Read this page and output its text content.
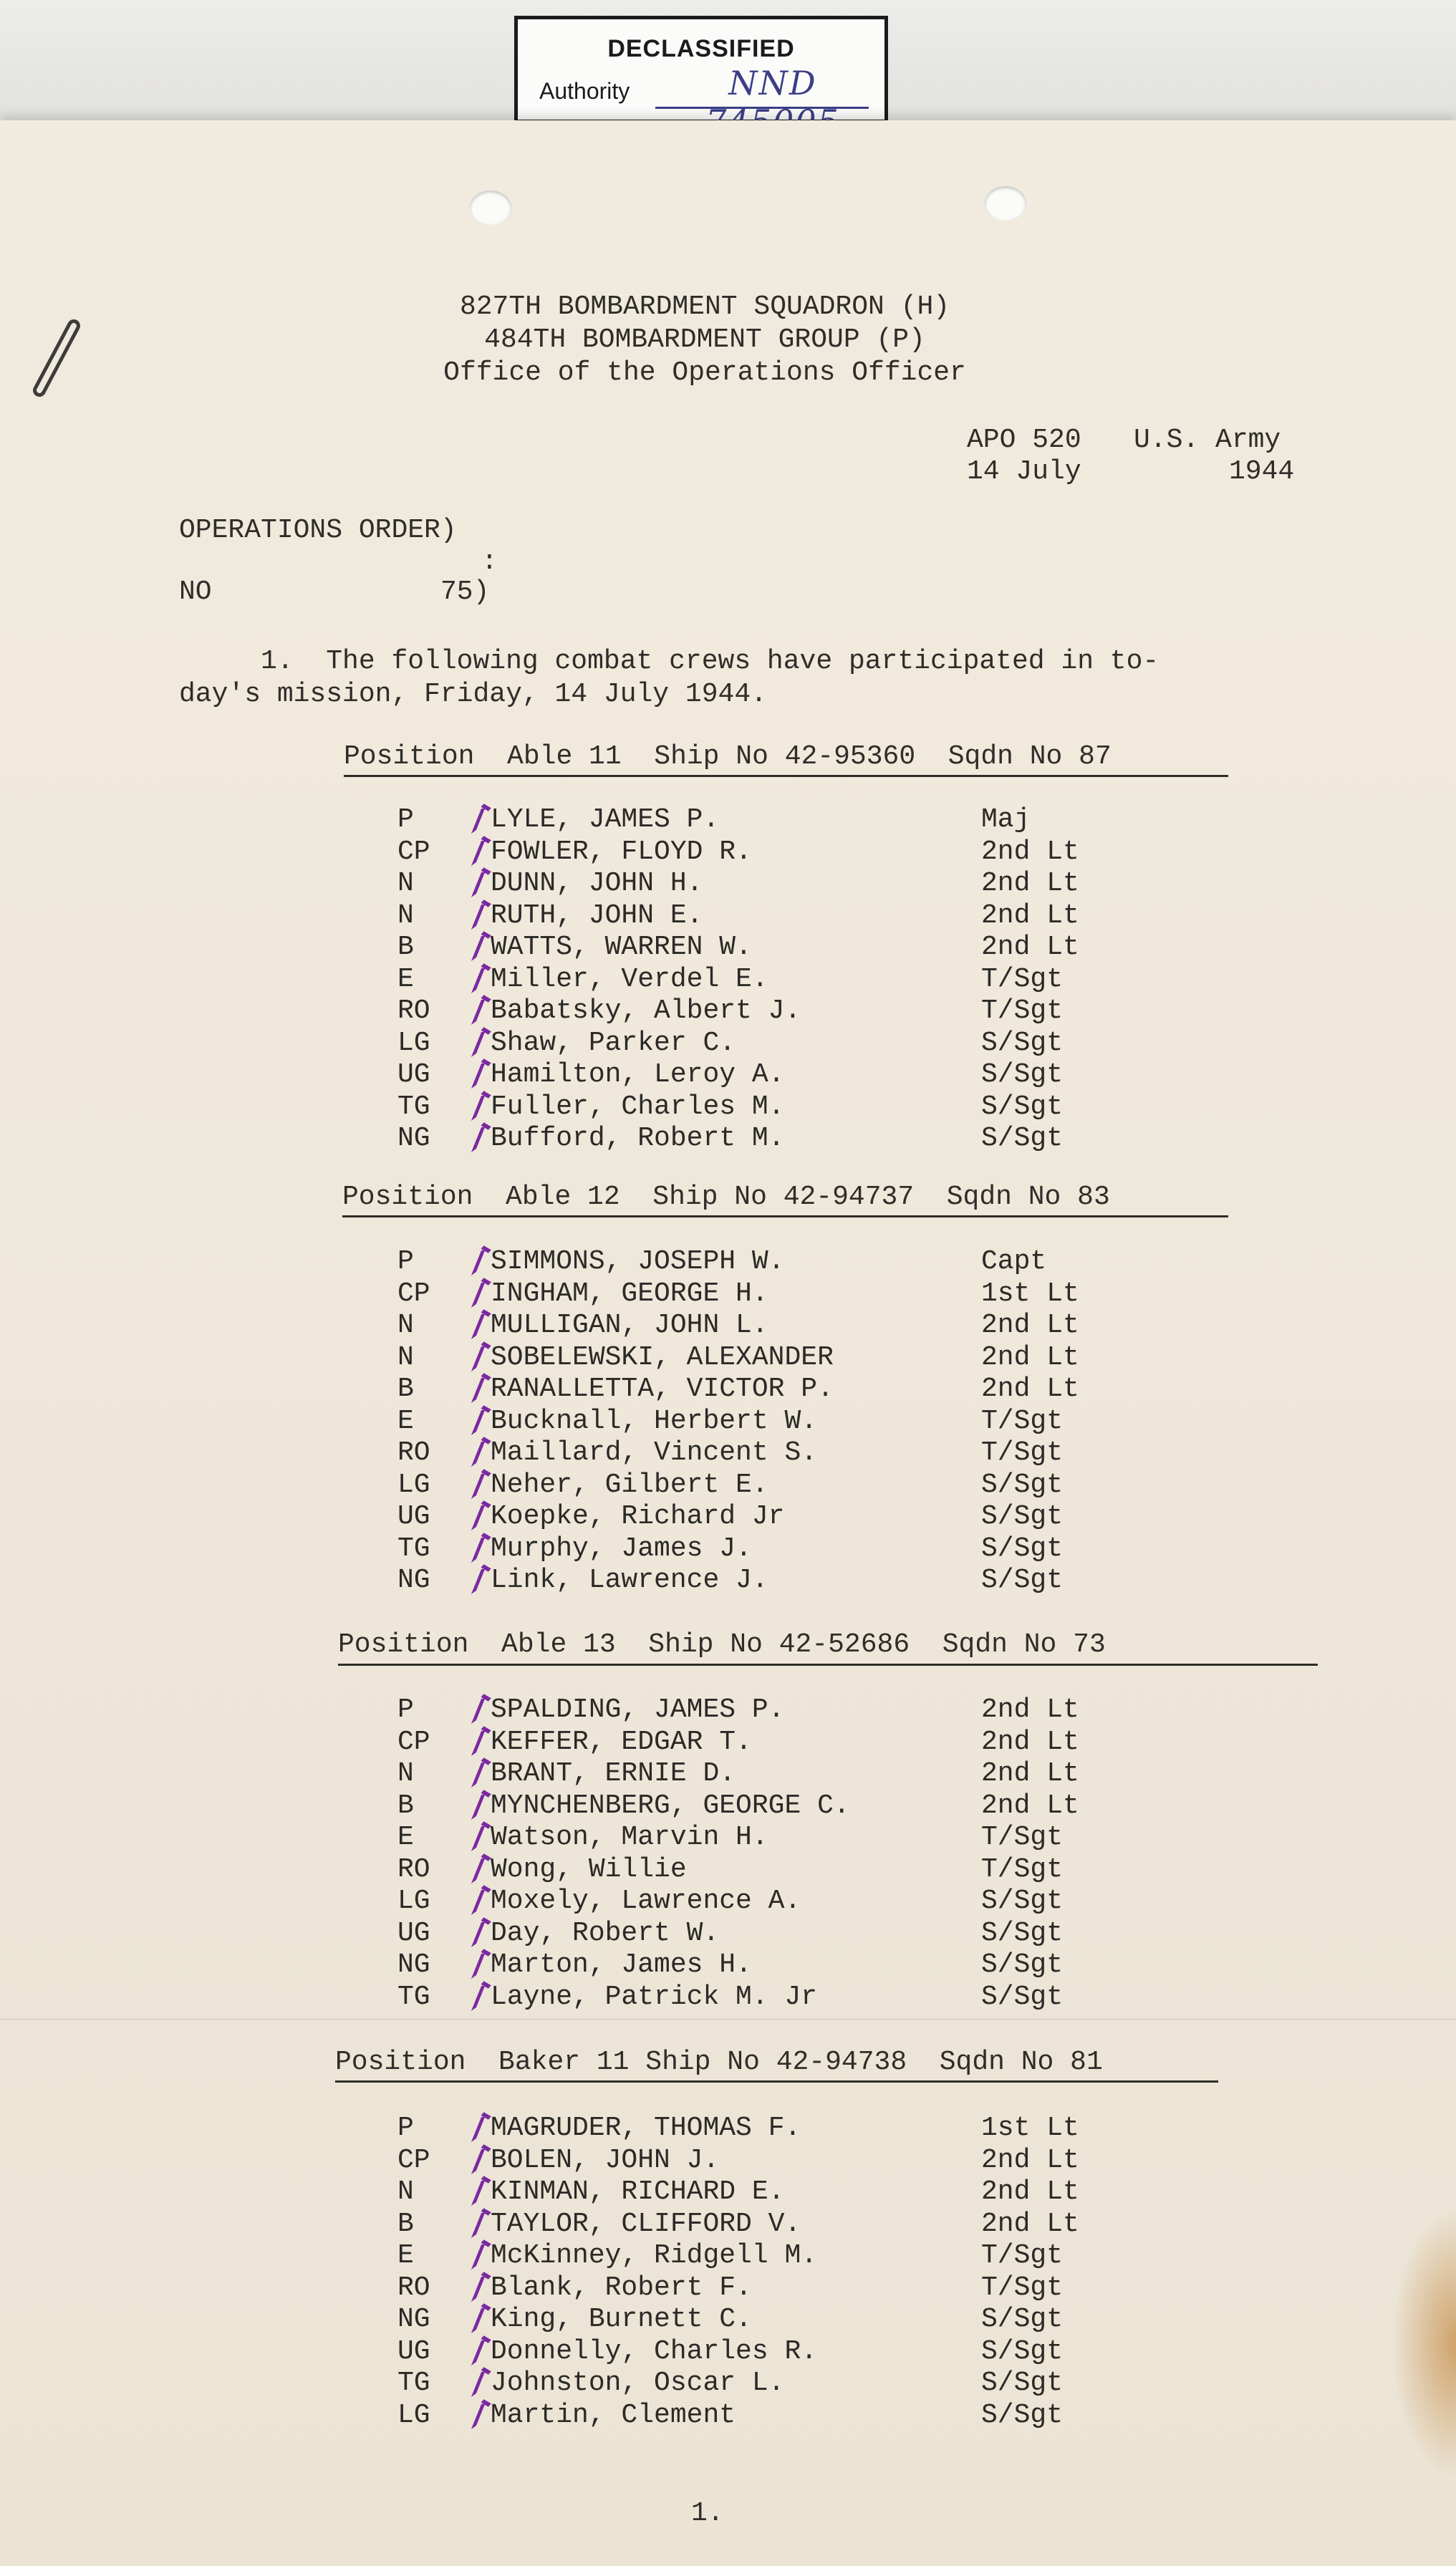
DECLASSIFIED
Authority	NND
827TH BOMBARDMENT SQUADRON (H)
484TH BOMBARDMENT GROUP (P)
Office of the Operations Officer
APO 520 U.S. Army
14 July	1944
OPERATIONS ORDER)
:
NO	75)
1.  The following combat crews have participated in to-
day's mission, Friday, 14 July 1944.
Position  Able 11  Ship No 42-95360  Sqdn No 87
P	LYLE, JAMES P.	Maj
CP FOWLER, FLOYD R.	2nd Lt
N	DUNN, JOHN H.	2nd Lt
N	RUTH, JOHN E.	2nd Lt
B	WATTS, WARREN W.	2nd Lt
E	Miller, Verdel E.	T/Sgt
RO Babatsky, Albert J.	T/Sgt
LG Shaw, Parker C.	S/Sgt
UG Hamilton, Leroy A.	S/Sgt
TG Fuller, Charles M.	S/Sgt
NG Bufford, Robert M.	S/Sgt
Position  Able 12  Ship No 42-94737  Sqdn No 83
P	SIMMONS, JOSEPH W.	Capt
CP INGHAM, GEORGE H.	1st Lt
N	MULLIGAN, JOHN L.	2nd Lt
N	SOBELEWSKI, ALEXANDER	2nd Lt
B	RANALLETTA, VICTOR P.	2nd Lt
E	Bucknall, Herbert W.	T/Sgt
RO Maillard, Vincent S.	T/Sgt
LG Neher, Gilbert E.	S/Sgt
UG Koepke, Richard Jr	S/Sgt
TG Murphy, James J.	S/Sgt
NG Link, Lawrence J.	S/Sgt
Position  Able 13  Ship No 42-52686  Sqdn No 73
P	SPALDING, JAMES P.	2nd Lt
CP KEFFER, EDGAR T.	2nd Lt
N	BRANT, ERNIE D.	2nd Lt
B	MYNCHENBERG, GEORGE C.	2nd Lt
E	Watson, Marvin H.	T/Sgt
RO Wong, Willie	T/Sgt
LG Moxely, Lawrence A.	S/Sgt
UG Day, Robert W.	S/Sgt
NG Marton, James H.	S/Sgt
TG Layne, Patrick M. Jr	S/Sgt
Position  Baker 11 Ship No 42-94738  Sqdn No 81
P	MAGRUDER, THOMAS F.	1st Lt
CP BOLEN, JOHN J.	2nd Lt
N	KINMAN, RICHARD E.	2nd Lt
B	TAYLOR, CLIFFORD V.	2nd Lt
E	McKinney, Ridgell M.	T/Sgt
RO Blank, Robert F.	T/Sgt
NG King, Burnett C.	S/Sgt
UG Donnelly, Charles R.	S/Sgt
TG Johnston, Oscar L.	S/Sgt
LG Martin, Clement	S/Sgt
1.
